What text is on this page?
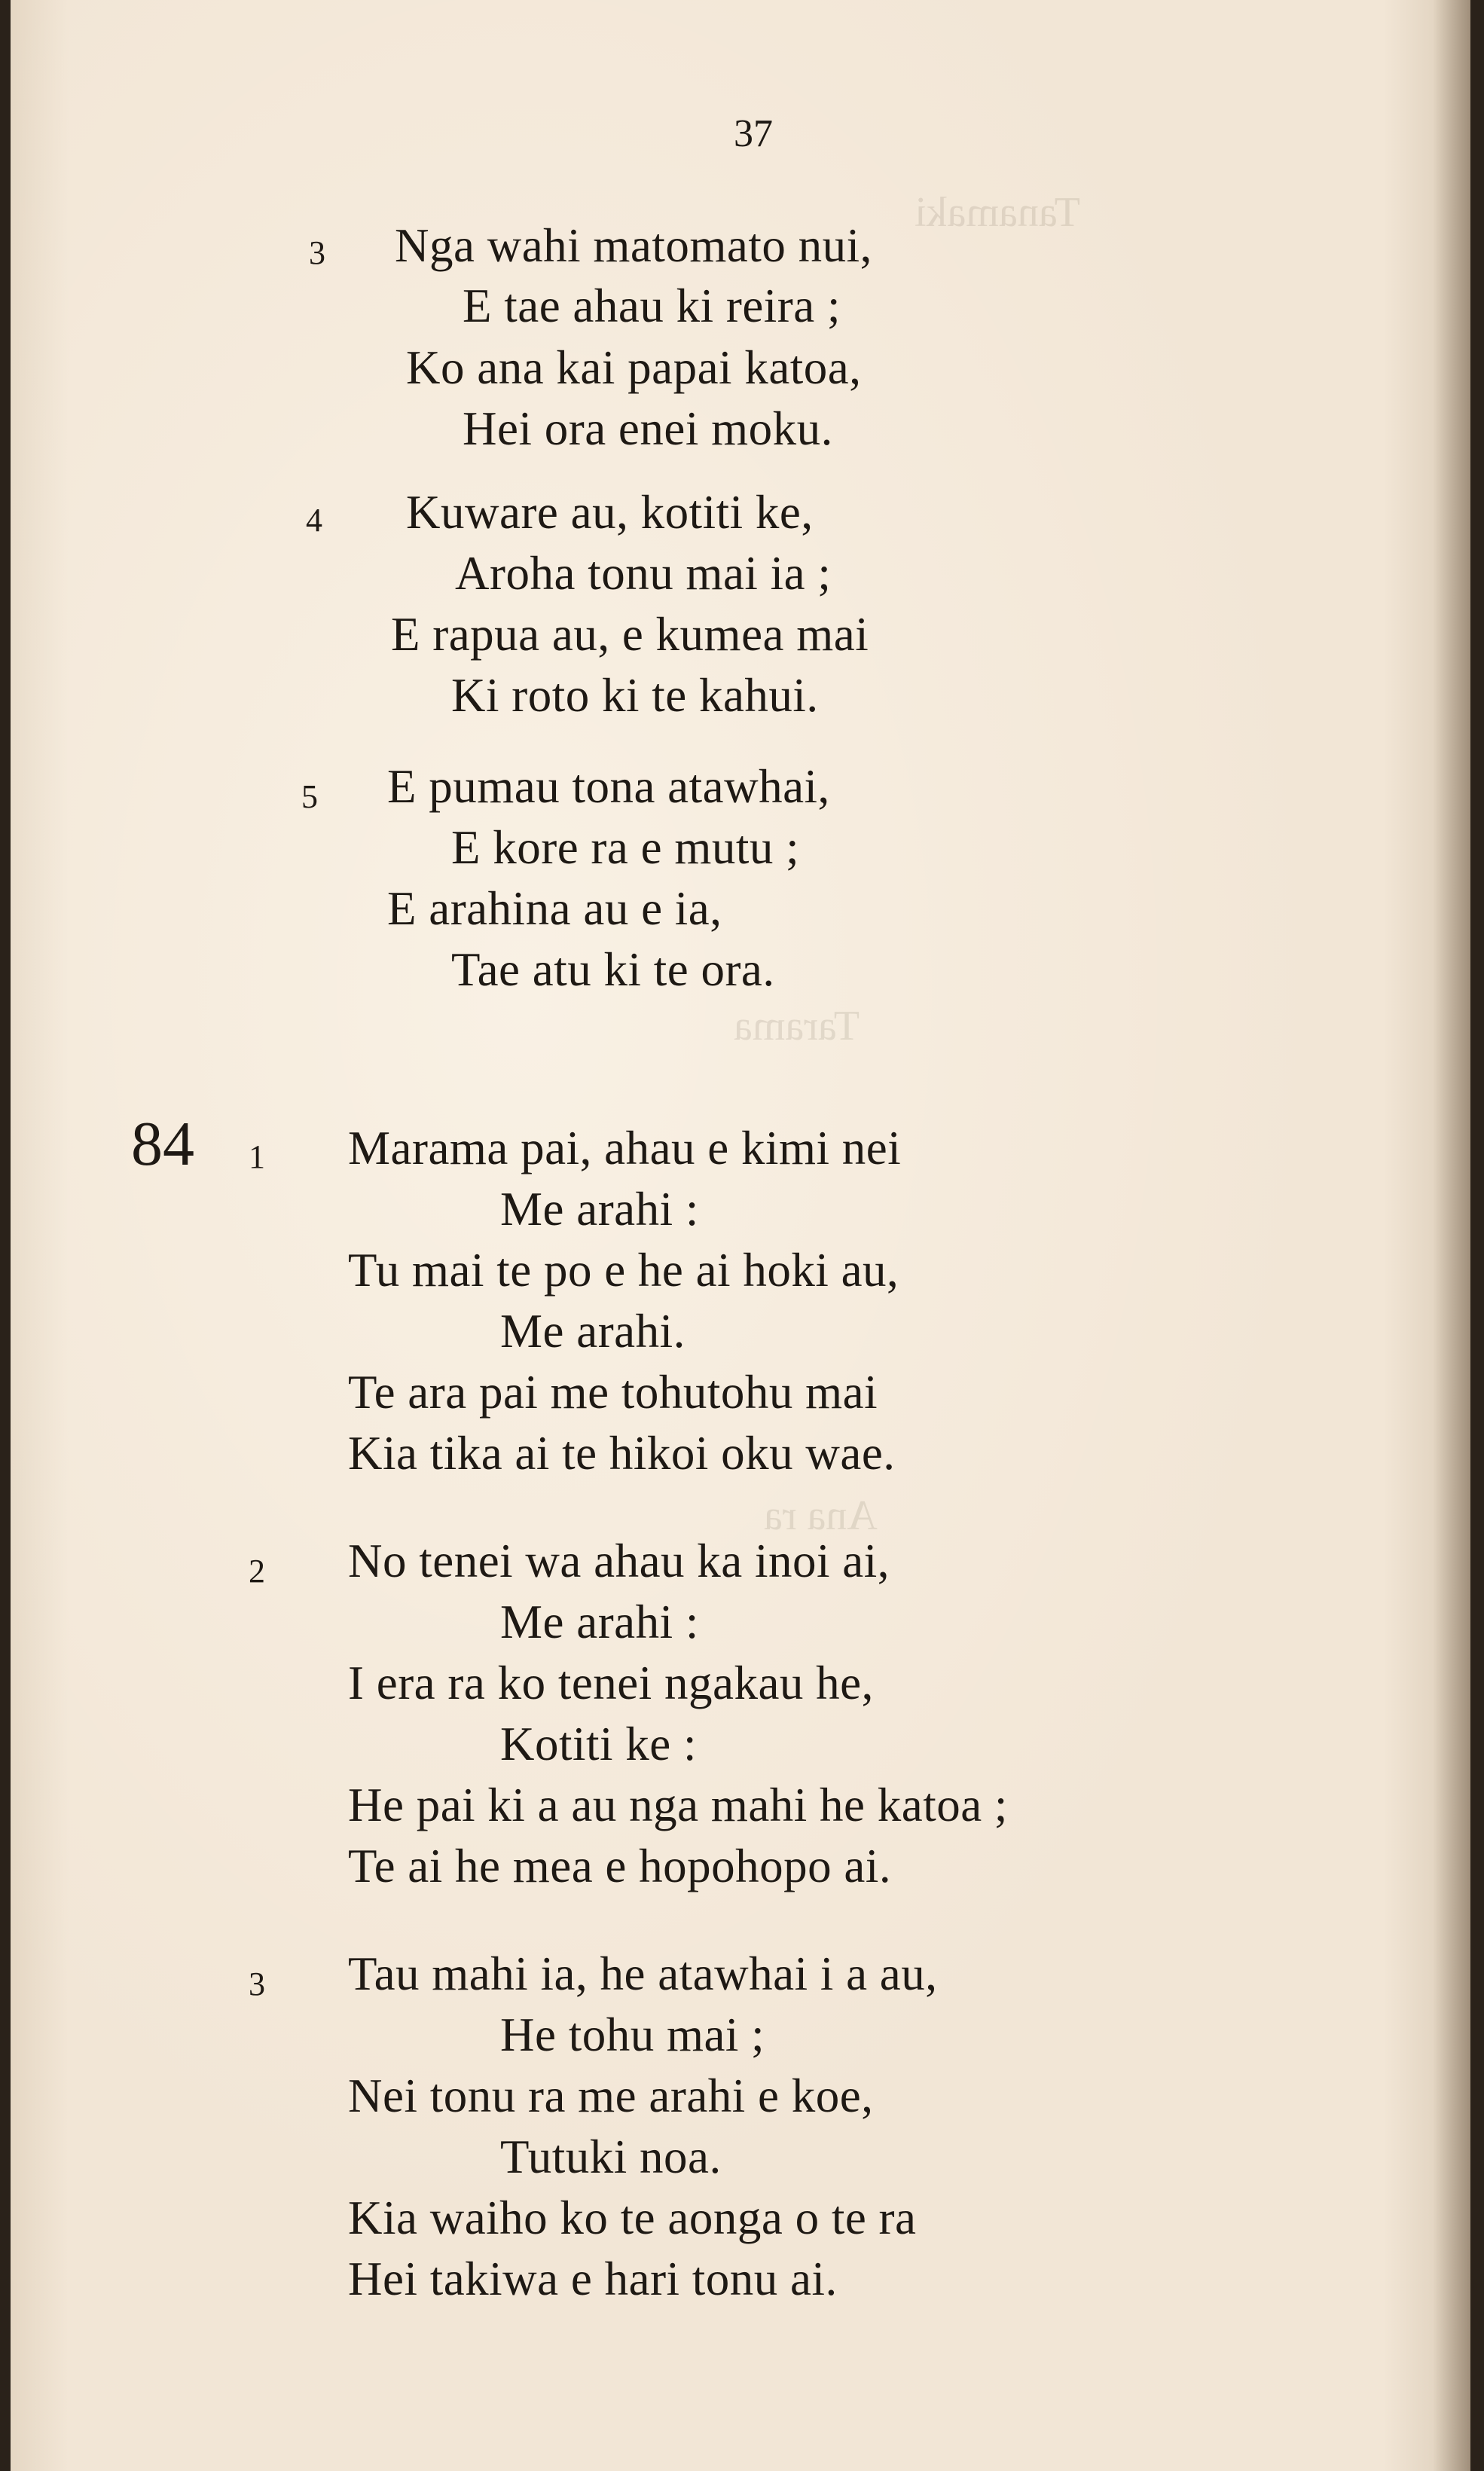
Tanamaki
Tarama
Ana ra
37
3 Nga wahi matomato nui,
E tae ahau ki reira ;
Ko ana kai papai katoa,
Hei ora enei moku.
4 Kuware au, kotiti ke,
Aroha tonu mai ia ;
E rapua au, e kumea mai
Ki roto ki te kahui.
5 E pumau tona atawhai,
E kore ra e mutu ;
E arahina au e ia,
Tae atu ki te ora.
84 1 Marama pai, ahau e kimi nei
Me arahi :
Tu mai te po e he ai hoki au,
Me arahi.
Te ara pai me tohutohu mai
Kia tika ai te hikoi oku wae.
2 No tenei wa ahau ka inoi ai,
Me arahi :
I era ra ko tenei ngakau he,
Kotiti ke :
He pai ki a au nga mahi he katoa ;
Te ai he mea e hopohopo ai.
3 Tau mahi ia, he atawhai i a au,
He tohu mai ;
Nei tonu ra me arahi e koe,
Tutuki noa.
Kia waiho ko te aonga o te ra
Hei takiwa e hari tonu ai.
